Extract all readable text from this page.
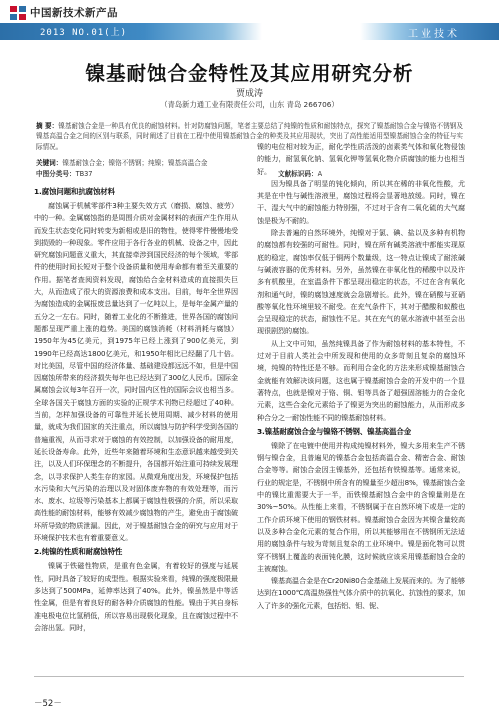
中国新技术新产品
2013 NO.01(上)	工业技术
镍基耐蚀合金特性及其应用研究分析
贾成涛
（青岛新力通工业有限责任公司，山东 青岛 266706）
摘 要：镍基耐蚀合金是一种具有优良的耐蚀材料。针对防腐蚀问题，笔者主要总结了纯镍的性质和耐蚀特点，探究了镍基耐蚀合金与镍铬不锈钢及镍基高温合金之间的区别与联系，同时阐述了目前在工程中使用镍基耐蚀合金的种类及其应用现状，突出了高性能适用型镍基耐蚀合金的特征与实际情况。
关键词：镍基耐蚀合金；镍铬不锈钢；纯镍；镍基高温合金
中图分类号：TB37	文献标识码：A
1.腐蚀问题和抗腐蚀材料

腐蚀属于机械零部件3种主要失效方式（磨损、腐蚀、疲劳）中的一种。金属腐蚀指的是周围介质对金属材料的表面产生作用从而发生状态变化同时转变为新相或是旧的物性，使得零件慢慢地受到损毁的一种现象。零件应用于各行各业的机械、设备之中，因此研究腐蚀问题意义重大，其直接牵涉到国民经济的每个领域，零部件的使用时间长短对于整个设备质量和使用寿命都有着至关重要的作用。据笔者查阅资料发现，腐蚀给合金材料造成的直接损失巨大，从而造成了很大的资源浪费和成本支出。目前，每年全世界因为腐蚀造成的金属报废总量达到了一亿吨以上，是每年金属产量的五分之一左右。同时，随着工业化的不断推进，世界各国的腐蚀问题都呈现严重上涨的趋势。美国的腐蚀消耗（材料消耗与腐蚀）1950年为45亿美元，到1975年已经上涨到了900亿美元，到1990年已经高达1800亿美元，和1950年相比已经翻了几十倍。对比美国，尽管中国的经济体量、基础建设都远远不如，但是中国因腐蚀所带来的经济损失每年也已经达到了300亿人民币。国际金属腐蚀会议每3年召开一次，同时国内区性的国际会议也相当多。全球各国关于腐蚀方面的实验的正规学术刊物已经超过了40种。当前，怎样加强设备的可靠性并延长使用周期、减少材料的使用量，就成为我们国家的关注重点，所以腐蚀与防护科学受到各国的普遍重视，从而寻求对于腐蚀的有效控制，以加强设备的耐用度，延长设备寿命。此外，近些年来随着环境和生态意识越来越受到关注，以及人们环保理念的不断提升，各国都开始注重可持续发展理念，以寻求保护人类生存的家园。从微观角度出发，环境保护包括水污染和大气污染的治理以及对固体废弃物的有效处理等，而污水、废水、垃圾等污染基本上都属于腐蚀性极强的介质，所以采取高性能的耐蚀材料，能够有效减少腐蚀物的产生，避免由于腐蚀破坏所导致的物质泄漏。因此，对于镍基耐蚀合金的研究与应用对于环境保护技术也有着重要意义。

2.纯镍的性质和耐腐蚀特性

镍属于铁磁性物质，是重有色金属，有着较好的强度与延展性，同时具备了较好的成型性。根据实验来看，纯镍的强度极限最多达到了500MPa，延伸率达到了40%。此外，镍虽然是中等活性金属，但是有着良好的耐各种介质腐蚀的性能。镍由于其自身标准电极电位比氢稍低，所以容易出现极化现象，且在腐蚀过程中不会溶出氢。同时，

镍的电位相对较为正，耐化学性质活泼的卤素类气体和氧化物侵蚀的能力，耐氢氧化钠、氢氧化钾等氢氧化物介质腐蚀的能力也相当好。

因为镍具备了明显的钝化倾向，所以其在稀的非氧化性酸，尤其是在中性与碱性溶液里，腐蚀过程将会显著地放缓。同时，镍在干、湿大气中的耐蚀能力特别强，不过对于含有二氧化硫的大气腐蚀是极为不耐的。

除去普遍的自然环境外，纯镍对于氯、碘、盐以及多种有机物的腐蚀都有较强的可耐性。同时，镍在所有碱类溶液中都能实现原底的稳定，腐蚀率仅低于铜两个数量级，这一特点让镍成了耐浓碱与碱液容器的优秀材料。另外，虽然镍在非氧化性的稀酸中以及许多有机酸里，在室温条件下都呈现出稳定的状态，不过在含有氧化剂和通气时，镍的腐蚀速度就会急剧增长。此外，镍在硝酸与亚硝酸等氧化性环境里较不耐受。在充气条件下，其对于醋酸和蚁酸也会呈现稳定的状态，耐蚀性不足。其在充气的氨水溶液中甚至会出现很剧烈的腐蚀。

从上文中可知，虽然纯镍具备了作为耐蚀材料的基本特性，不过对于目前人类社会中所发现和使用的众多苛刻且复杂的腐蚀环境，纯镍的特性还是不够。而利用合金化的方法来形成镍基耐蚀合金就能有效解决该问题，这也属于镍基耐蚀合金的开发中的一个显著特点，也就是镍对于铬、铜、钼等具备了超强固溶能力的合金化元素，这些合金化元素给予了镍更为突出的耐蚀能力，从而形成多种合分之一耐蚀性能不同的镍基耐蚀材料。

3.镍基耐腐蚀合金与镍铬不锈钢、镍基高温合金

镍除了在电镀中使用并构成纯镍材料外，镍大多用来生产不锈钢与镍合金，且普遍见的镍基合金包括高温合金、精密合金、耐蚀合金等等。耐蚀合金因主镍基外，还包括有铁镍基等。通常来说，行业的规定是，不锈钢中所含有的镍量至少超出8%，镍基耐蚀合金中的镍比重需要大于一半，而铁镍基耐蚀合金中的含镍量则是在30%~50%。从性能上来看，不锈钢属于在自然环境下或是一定的工作介质环境下使用的钢铁材料。镍基耐蚀合金因为其镍含量较高以及多种合金化元素的复合作用，所以其能够用在不锈钢所无法适用的腐蚀条件与较为苛刻且复杂的工业环境中。镍是面化物可以贯穿不锈钢上覆盖的表面钝化膜，这时候就应该采用镍基耐蚀合金的主被腐蚀。

镍基高温合金是在Cr20Ni80合金基础上发展而来的。为了能够达到在1000℃高温热强性气体介质中的抗氧化、抗蚀性的要求，加入了许多的强化元素，包括铝、钼、铌、

－52－
